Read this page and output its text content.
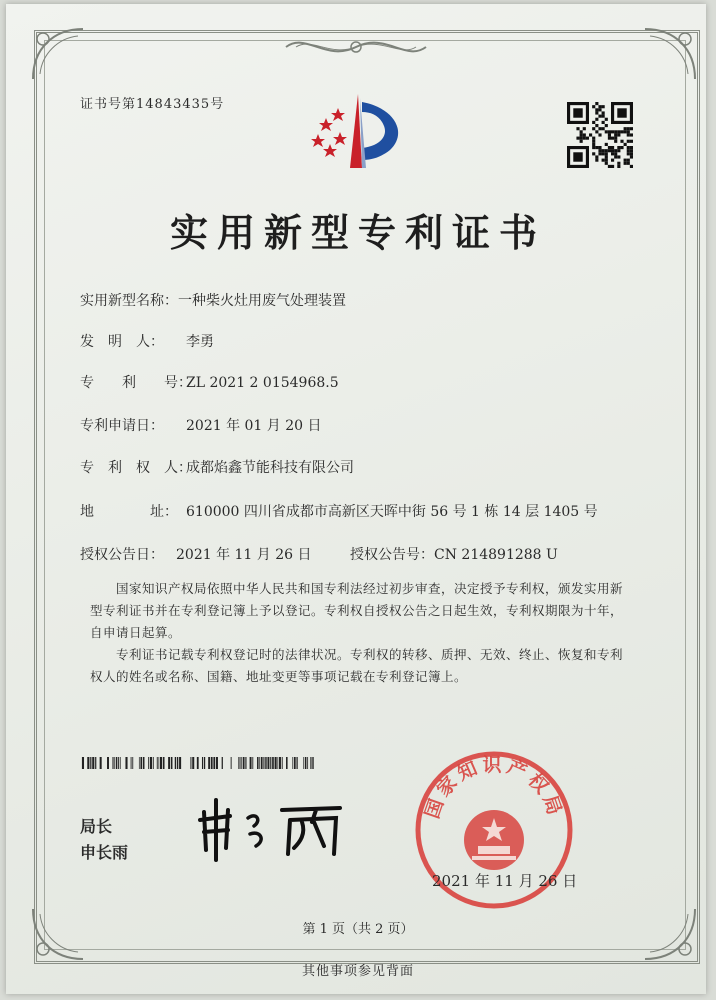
证书号第14843435号
实用新型专利证书
实用新型名称：一种柴火灶用废气处理装置
发　明　人： 李勇
专　　利　　号：ZL 2021 2 0154968.5
专利申请日： 2021 年 01 月 20 日
专　利　权　人：成都焰鑫节能科技有限公司
地　　　　址： 610000 四川省成都市高新区天晖中街 56 号 1 栋 14 层 1405 号
授权公告日： 2021 年 11 月 26 日	授权公告号：CN 214891288 U
国家知识产权局依照中华人民共和国专利法经过初步审查，决定授予专利权，颁发实用新型专利证书并在专利登记簿上予以登记。专利权自授权公告之日起生效，专利权期限为十年，自申请日起算。
专利证书记载专利权登记时的法律状况。专利权的转移、质押、无效、终止、恢复和专利权人的姓名或名称、国籍、地址变更等事项记载在专利登记簿上。
局长
申长雨
国家知识产权局
2021 年 11 月 26 日
第 1 页（共 2 页）
其他事项参见背面
